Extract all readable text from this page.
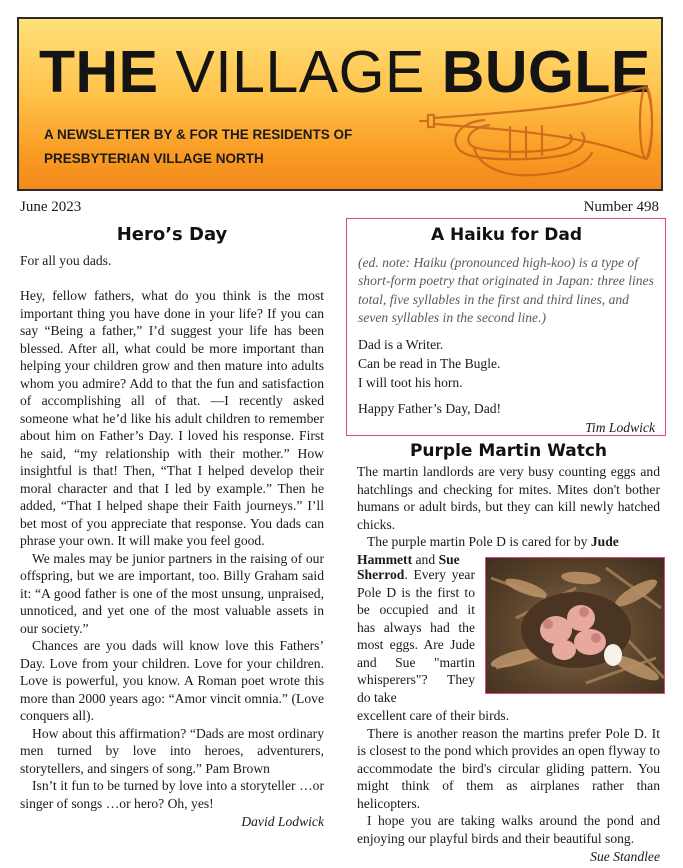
THE VILLAGE BUGLE
A NEWSLETTER BY & FOR THE RESIDENTS OF
PRESBYTERIAN VILLAGE NORTH
June 2023	Number 498
Hero’s Day

For all you dads.

Hey, fellow fathers, what do you think is the most important thing you have done in your life? If you can say “Being a father,” I’d suggest your life has been blessed. After all, what could be more important than helping your children grow and then mature into adults whom you admire? Add to that the fun and satisfaction of accomplishing all of that. —I recently asked someone what he’d like his adult children to remember about him on Father’s Day. I loved his response. First he said, “my relationship with their mother.” How insightful is that! Then, “That I helped develop their moral character and that I led by example.” Then he added, “That I helped shape their Faith journeys.” I’ll bet most of you appreciate that response. You dads can phrase your own. It will make you feel good.

We males may be junior partners in the raising of our offspring, but we are important, too. Billy Graham said it: “A good father is one of the most unsung, unpraised, unnoticed, and yet one of the most valuable assets in our society.”

Chances are you dads will know love this Fathers’ Day. Love from your children. Love for your children. Love is powerful, you know. A Roman poet wrote this more than 2000 years ago: “Amor vincit omnia.” (Love conquers all).

How about this affirmation? “Dads are most ordinary men turned by love into heroes, adventurers, storytellers, and singers of song.” Pam Brown

Isn’t it fun to be turned by love into a storyteller …or singer of songs …or hero? Oh, yes!

David Lodwick
A Haiku for Dad

(ed. note: Haiku (pronounced high-koo) is a type of short-form poetry that originated in Japan: three lines total, five syllables in the first and third lines, and seven syllables in the second line.)

Dad is a Writer.

Can be read in The Bugle.

I will toot his horn.

Happy Father’s Day, Dad!

Tim Lodwick
Purple Martin Watch

The martin landlords are very busy counting eggs and hatchlings and checking for mites. Mites don't bother humans or adult birds, but they can kill newly hatched chicks.

The purple martin Pole D is cared for by Jude
Hammett and Sue

Sherrod. Every year Pole D is the first to be occupied and it has always had the most eggs. Are Jude and Sue "martin whisperers"? They do take

excellent care of their birds.

There is another reason the martins prefer Pole D. It is closest to the pond which provides an open flyway to accommodate the bird's circular gliding pattern. You might think of them as airplanes rather than helicopters.

I hope you are taking walks around the pond and enjoying our playful birds and their beautiful song.

Sue Standlee
